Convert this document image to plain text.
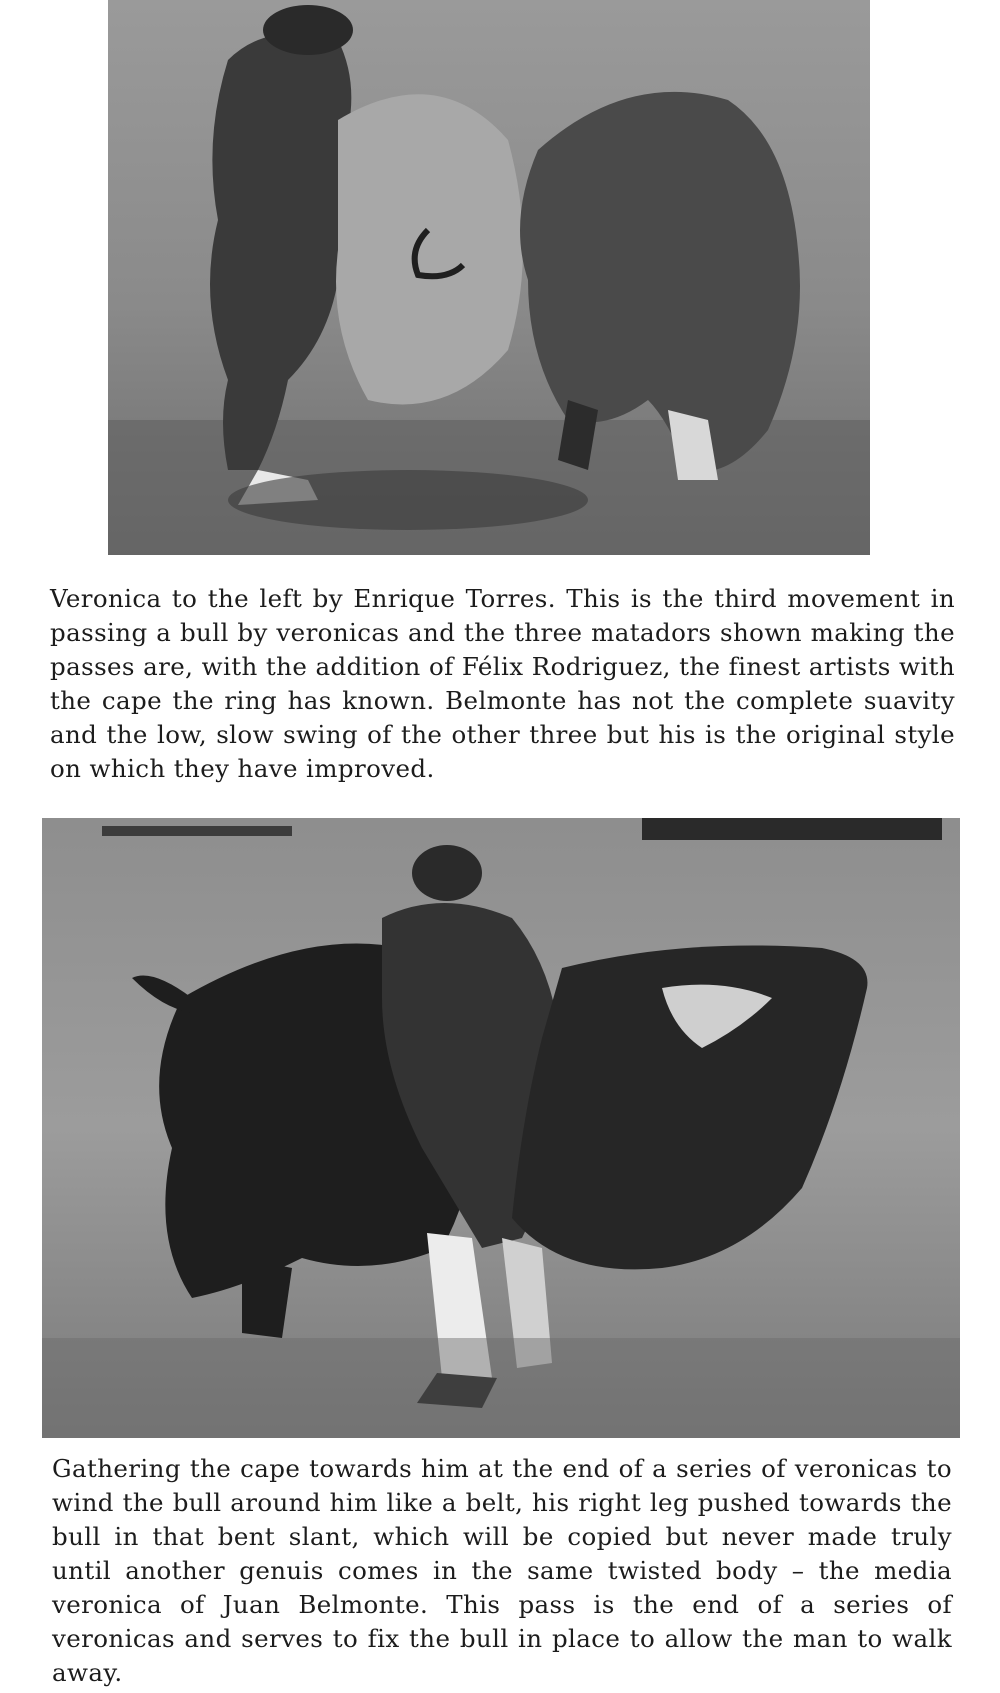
Veronica to the left by Enrique Torres. This is the third movement in passing a bull by veronicas and the three matadors shown making the passes are, with the addition of Félix Rodriguez, the finest artists with the cape the ring has known. Belmonte has not the complete suavity and the low, slow swing of the other three but his is the original style on which they have improved.

Gathering the cape towards him at the end of a series of veronicas to wind the bull around him like a belt, his right leg pushed towards the bull in that bent slant, which will be copied but never made truly until another genuis comes in the same twisted body – the media veronica of Juan Belmonte. This pass is the end of a series of veronicas and serves to fix the bull in place to allow the man to walk away.
